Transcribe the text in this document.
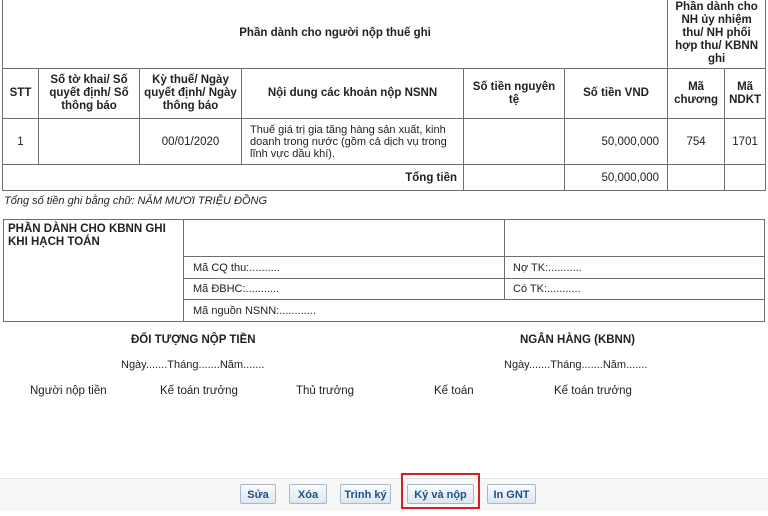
Phần dành cho người nộp thuế ghi						Phần dành cho NH ủy nhiệm thu/ NH phối hợp thu/ KBNN ghi	
STT	Số tờ khai/ Số quyết định/ Số thông báo	Kỳ thuế/ Ngày quyết định/ Ngày thông báo	Nội dung các khoản nộp NSNN	Số tiền nguyên tệ	Số tiền VND	Mã chương	Mã NDKT
1		00/01/2020	Thuế giá trị gia tăng hàng sản xuất, kinh doanh trong nước (gồm cả dịch vụ trong lĩnh vực dầu khí).		50,000,000	754	1701
Tổng tiền					50,000,000		
Tổng số tiền ghi bằng chữ: NĂM MƯƠI TRIỆU ĐỒNG
PHẦN DÀNH CHO KBNN GHI KHI HẠCH TOÁN
Mã CQ thu:..........	Nợ TK:...........
Mã ĐBHC:...........	Có TK:...........
Mã nguồn NSNN:............
ĐỐI TƯỢNG NỘP TIỀN
Ngày.......Tháng.......Năm.......
NGÂN HÀNG (KBNN)
Ngày.......Tháng.......Năm.......
Người nộp tiền	Kế toán trưởng	Thủ trưởng	Kế toán	Kế toán trưởng
Sửa	Xóa	Trình ký	Ký và nộp	In GNT
